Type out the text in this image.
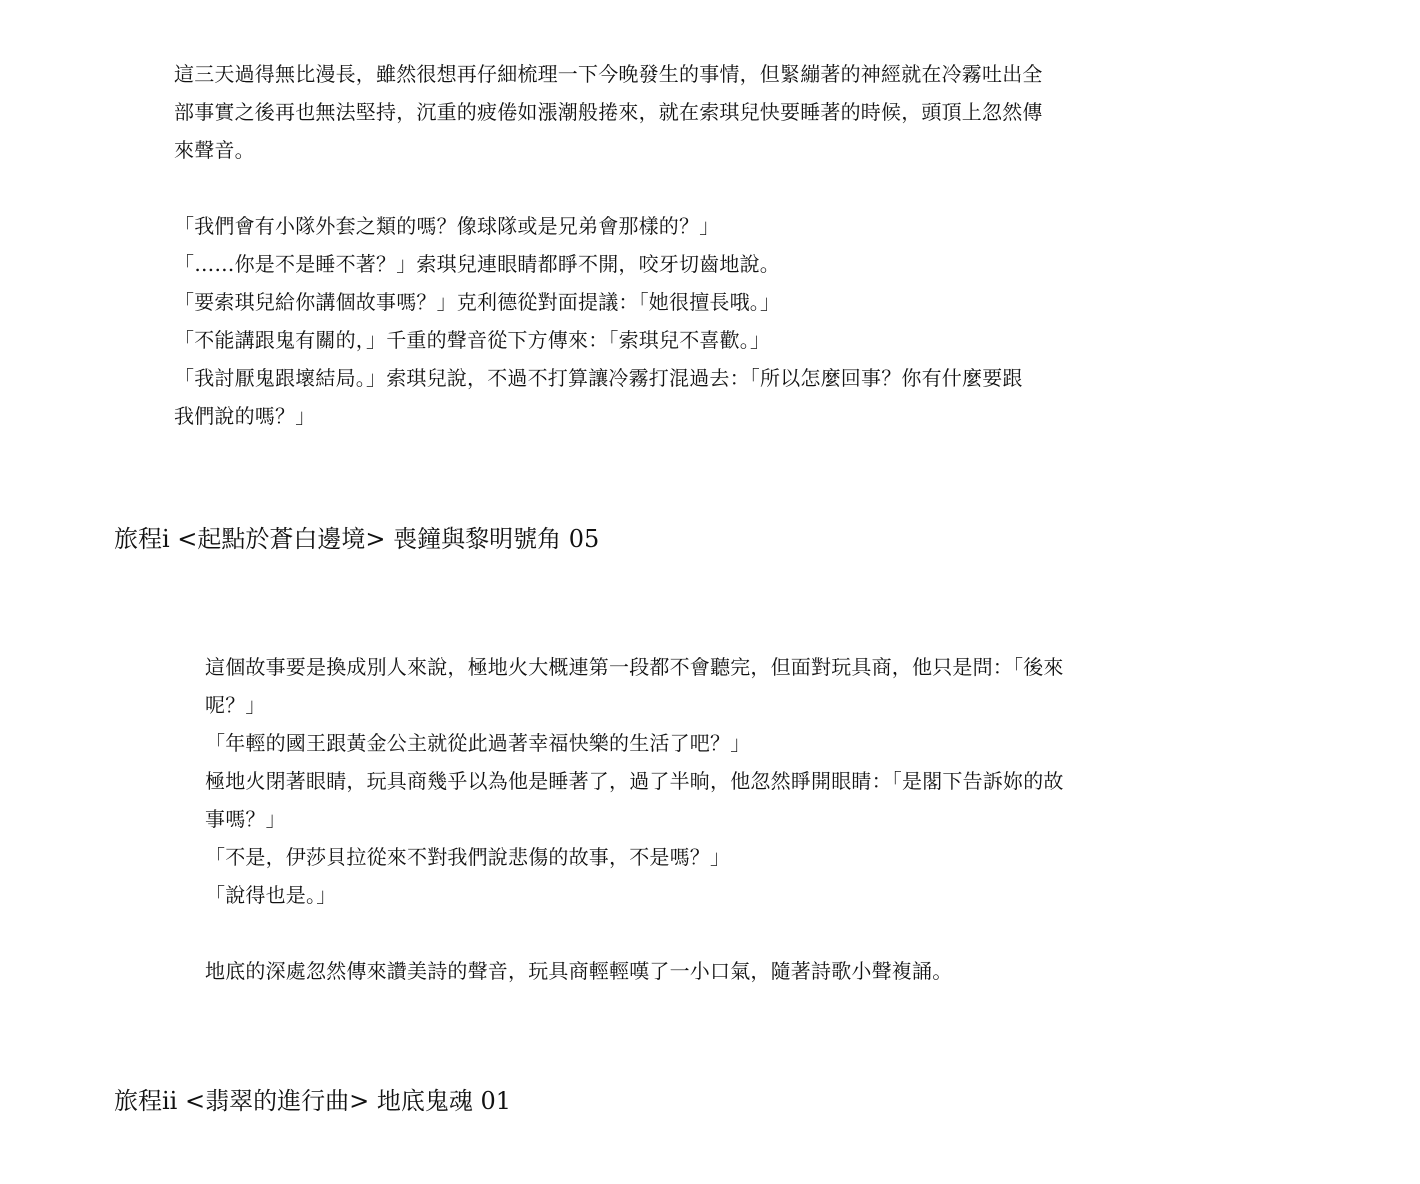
這三天過得無比漫長，雖然很想再仔細梳理一下今晚發生的事情，但緊繃著的神經就在冷霧吐出全

部事實之後再也無法堅持，沉重的疲倦如漲潮般捲來，就在索琪兒快要睡著的時候，頭頂上忽然傳

來聲音。

「我們會有小隊外套之類的嗎？像球隊或是兄弟會那樣的？」

「……你是不是睡不著？」索琪兒連眼睛都睜不開，咬牙切齒地說。

「要索琪兒給你講個故事嗎？」克利德從對面提議：「她很擅長哦。」

「不能講跟鬼有關的，」千重的聲音從下方傳來：「索琪兒不喜歡。」

「我討厭鬼跟壞結局。」索琪兒說，不過不打算讓冷霧打混過去：「所以怎麼回事？你有什麼要跟

我們說的嗎？」

旅程i <起點於蒼白邊境> 喪鐘與黎明號角 05

這個故事要是換成別人來說，極地火大概連第一段都不會聽完，但面對玩具商，他只是問：「後來

呢？」

「年輕的國王跟黃金公主就從此過著幸福快樂的生活了吧？」

極地火閉著眼睛，玩具商幾乎以為他是睡著了，過了半晌，他忽然睜開眼睛：「是閣下告訴妳的故

事嗎？」

「不是，伊莎貝拉從來不對我們說悲傷的故事，不是嗎？」

「說得也是。」

地底的深處忽然傳來讚美詩的聲音，玩具商輕輕嘆了一小口氣，隨著詩歌小聲複誦。

旅程ii <翡翠的進行曲> 地底鬼魂 01
